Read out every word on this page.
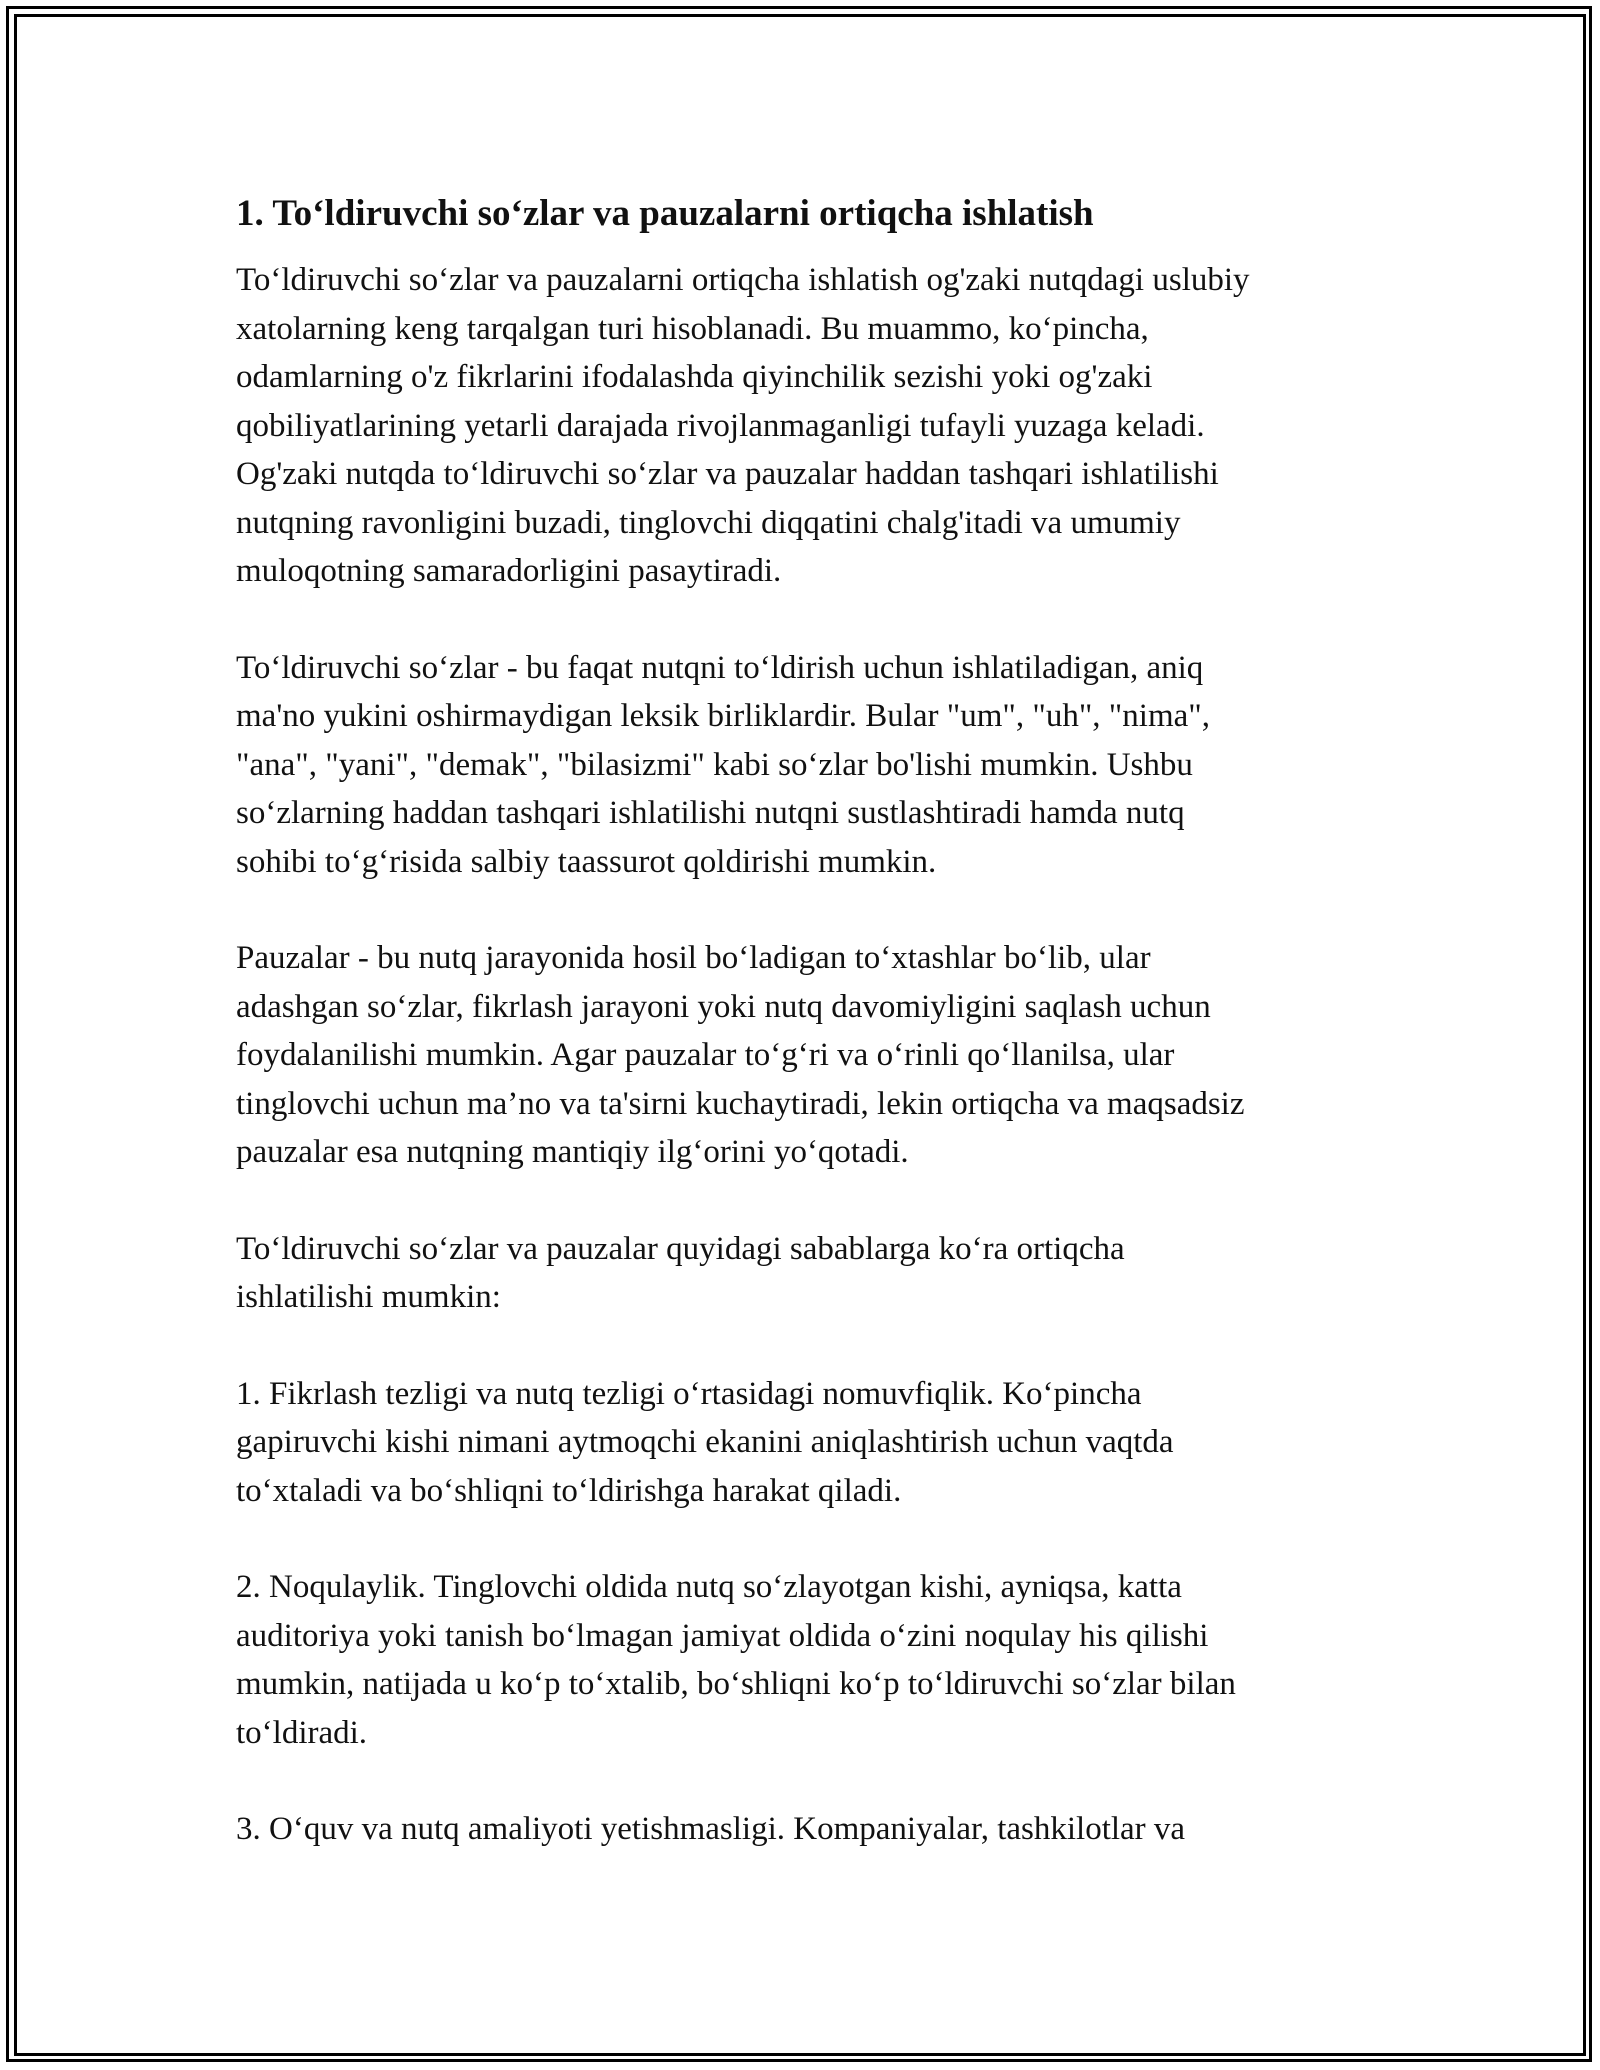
1. To‘ldiruvchi so‘zlar va pauzalarni ortiqcha ishlatish

To‘ldiruvchi so‘zlar va pauzalarni ortiqcha ishlatish og'zaki nutqdagi uslubiy
xatolarning keng tarqalgan turi hisoblanadi. Bu muammo, ko‘pincha,
odamlarning o'z fikrlarini ifodalashda qiyinchilik sezishi yoki og'zaki
qobiliyatlarining yetarli darajada rivojlanmaganligi tufayli yuzaga keladi.
Og'zaki nutqda to‘ldiruvchi so‘zlar va pauzalar haddan tashqari ishlatilishi
nutqning ravonligini buzadi, tinglovchi diqqatini chalg'itadi va umumiy
muloqotning samaradorligini pasaytiradi.

To‘ldiruvchi so‘zlar - bu faqat nutqni to‘ldirish uchun ishlatiladigan, aniq
ma'no yukini oshirmaydigan leksik birliklardir. Bular "um", "uh", "nima",
"ana", "yani", "demak", "bilasizmi" kabi so‘zlar bo'lishi mumkin. Ushbu
so‘zlarning haddan tashqari ishlatilishi nutqni sustlashtiradi hamda nutq
sohibi to‘g‘risida salbiy taassurot qoldirishi mumkin.

Pauzalar - bu nutq jarayonida hosil bo‘ladigan to‘xtashlar bo‘lib, ular
adashgan so‘zlar, fikrlash jarayoni yoki nutq davomiyligini saqlash uchun
foydalanilishi mumkin. Agar pauzalar to‘g‘ri va o‘rinli qo‘llanilsa, ular
tinglovchi uchun ma’no va ta'sirni kuchaytiradi, lekin ortiqcha va maqsadsiz
pauzalar esa nutqning mantiqiy ilg‘orini yo‘qotadi.

To‘ldiruvchi so‘zlar va pauzalar quyidagi sabablarga ko‘ra ortiqcha
ishlatilishi mumkin:

1. Fikrlash tezligi va nutq tezligi o‘rtasidagi nomuvfiqlik. Ko‘pincha
gapiruvchi kishi nimani aytmoqchi ekanini aniqlashtirish uchun vaqtda
to‘xtaladi va bo‘shliqni to‘ldirishga harakat qiladi.

2. Noqulaylik. Tinglovchi oldida nutq so‘zlayotgan kishi, ayniqsa, katta
auditoriya yoki tanish bo‘lmagan jamiyat oldida o‘zini noqulay his qilishi
mumkin, natijada u ko‘p to‘xtalib, bo‘shliqni ko‘p to‘ldiruvchi so‘zlar bilan
to‘ldiradi.

3. O‘quv va nutq amaliyoti yetishmasligi. Kompaniyalar, tashkilotlar va
